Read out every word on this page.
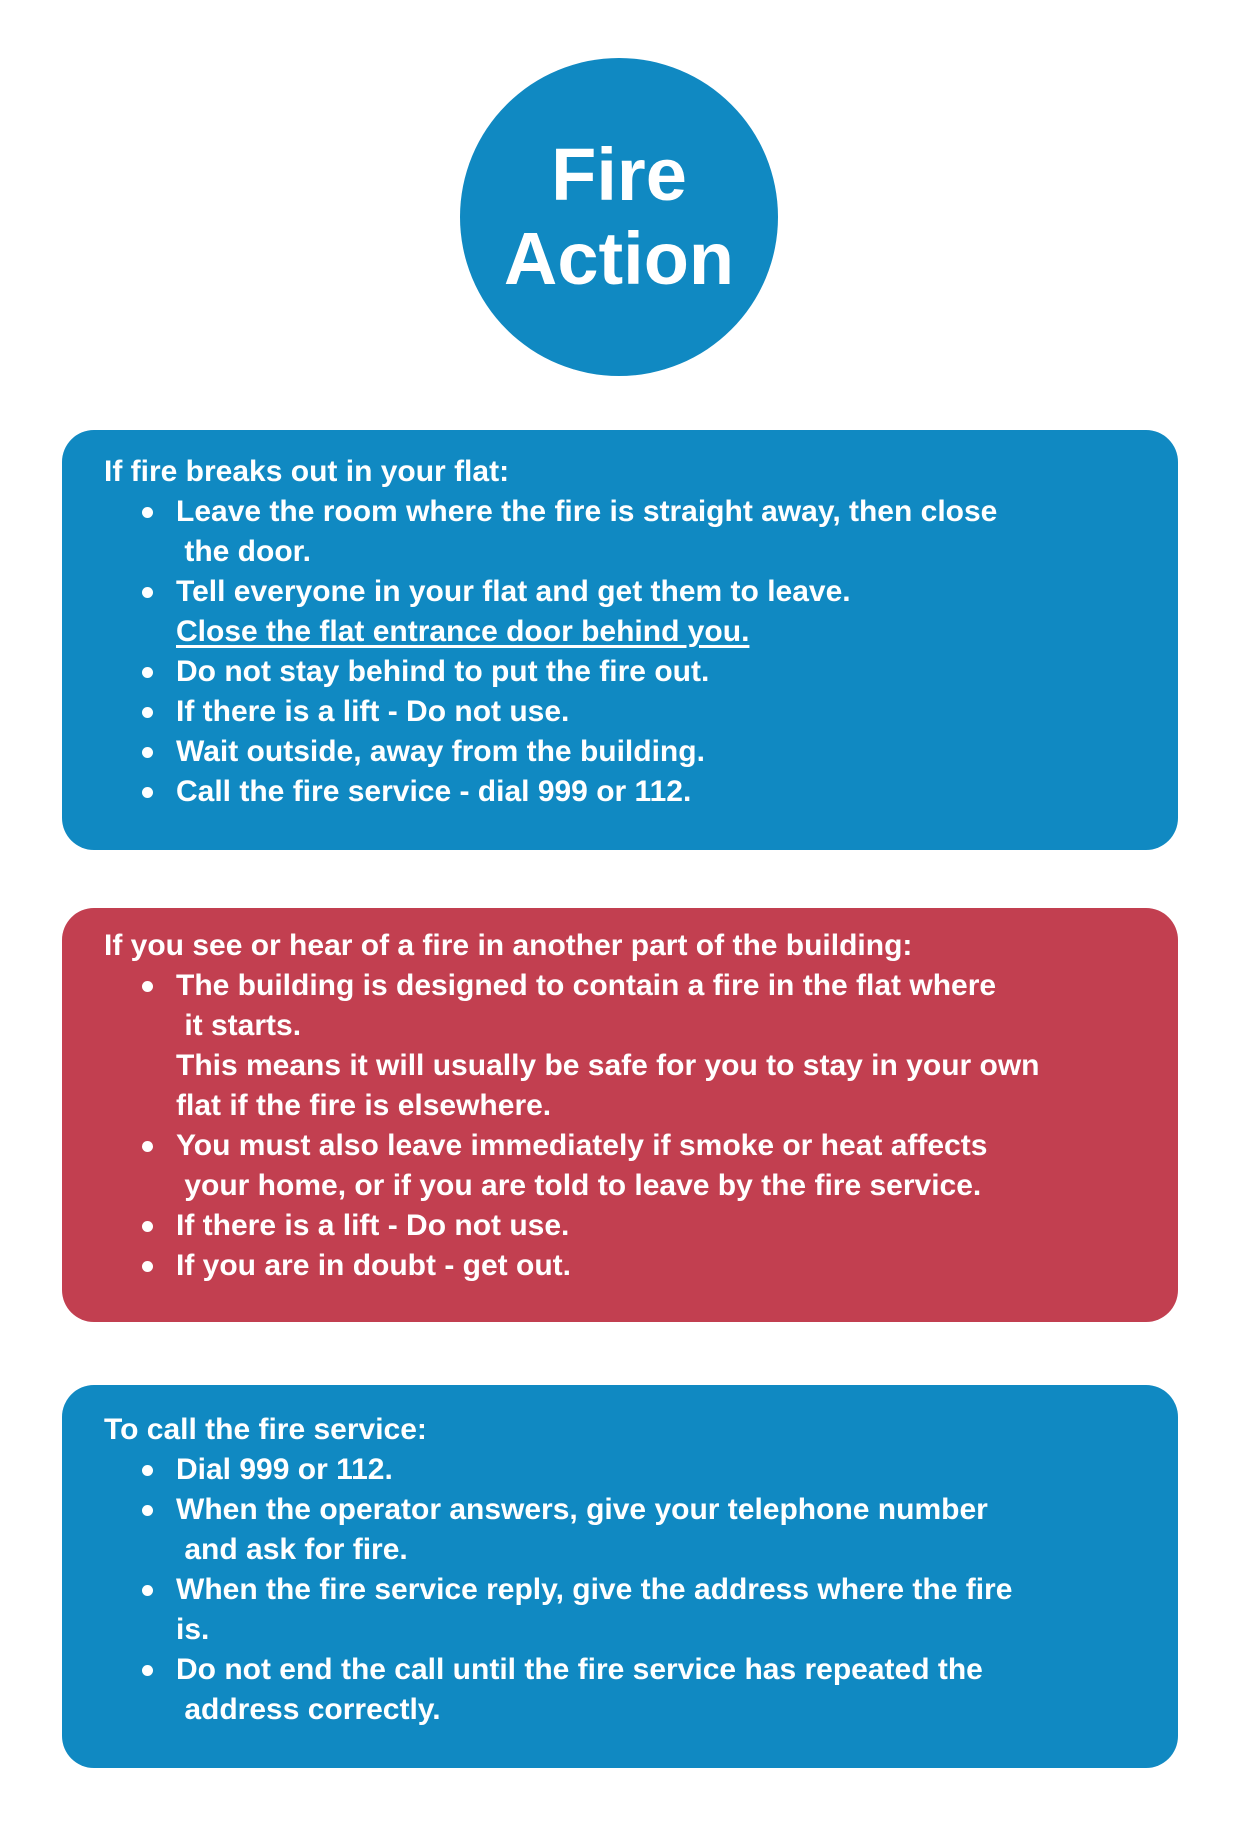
Fire
Action

If fire breaks out in your flat:

Leave the room where the fire is straight away, then close
the door.
Tell everyone in your flat and get them to leave.
Close the flat entrance door behind you.
Do not stay behind to put the fire out.
If there is a lift - Do not use.
Wait outside, away from the building.
Call the fire service - dial 999 or 112.

If you see or hear of a fire in another part of the building:

The building is designed to contain a fire in the flat where
it starts.
This means it will usually be safe for you to stay in your own
flat if the fire is elsewhere.
You must also leave immediately if smoke or heat affects
your home, or if you are told to leave by the fire service.
If there is a lift - Do not use.
If you are in doubt - get out.

To call the fire service:

Dial 999 or 112.
When the operator answers, give your telephone number
and ask for fire.
When the fire service reply, give the address where the fire
is.
Do not end the call until the fire service has repeated the
address correctly.
